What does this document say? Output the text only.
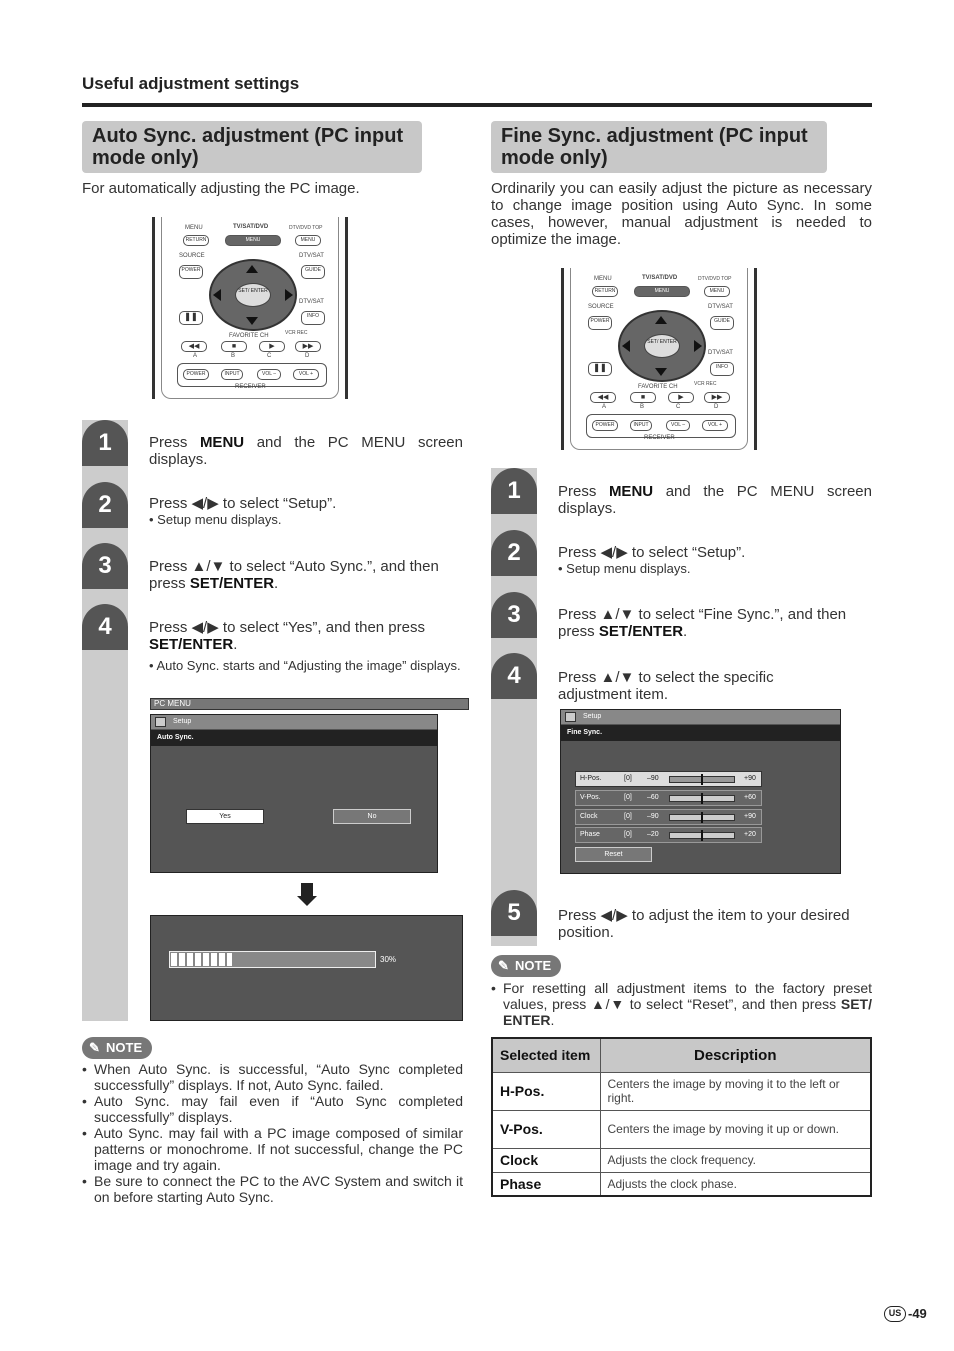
Useful adjustment settings
Auto Sync. adjustment (PC input mode only)
For automatically adjusting the PC image.
MENU	TV/SAT/DVD	DTV/DVD TOP
RETURN	MENU	MENU
SOURCE	DTV/SAT
POWER	GUIDE
SET/ ENTER
DTV/SAT
❚❚	INFO
FAVORITE CH	VCR REC
◀◀	■	▶	▶▶
A	B	C	D
POWER	INPUT	VOL –	VOL +
RECEIVER
1	Press MENU and the PC MENU screen displays.
2	Press ◀/▶ to select “Setup”.
• Setup menu displays.
3	Press ▲/▼ to select “Auto Sync.”, and then press SET/ENTER.
4	Press ◀/▶ to select “Yes”, and then press SET/ENTER.
• Auto Sync. starts and “Adjusting the image” displays.
PC MENU
Setup
Auto Sync.
Yes	No
30%
✎ NOTE
• When Auto Sync. is successful, “Auto Sync completed successfully” displays. If not, Auto Sync. failed.
• Auto Sync. may fail even if “Auto Sync completed successfully” displays.
• Auto Sync. may fail with a PC image composed of similar patterns or monochrome. If not successful, change the PC image and try again.
• Be sure to connect the PC to the AVC System and switch it on before starting Auto Sync.
Fine Sync. adjustment (PC input mode only)
Ordinarily you can easily adjust the picture as necessary to change image position using Auto Sync. In some cases, however, manual adjustment is needed to optimize the image.
MENU	TV/SAT/DVD	DTV/DVD TOP
RETURN	MENU	MENU
SOURCE	DTV/SAT
POWER	GUIDE
SET/ ENTER
DTV/SAT
❚❚	INFO
FAVORITE CH	VCR REC
◀◀	■	▶	▶▶
A	B	C	D
POWER	INPUT	VOL –	VOL +
RECEIVER
1	Press MENU and the PC MENU screen displays.
2	Press ◀/▶ to select “Setup”.
• Setup menu displays.
3	Press ▲/▼ to select “Fine Sync.”, and then press SET/ENTER.
4	Press ▲/▼ to select the specific adjustment item.
Setup
Fine Sync.
H-Pos.	[0] –90	+90
V-Pos.	[0] –60	+60
Clock	[0] –90	+90
Phase	[0] –20	+20
Reset
5	Press ◀/▶ to adjust the item to your desired position.
✎ NOTE
• For resetting all adjustment items to the factory preset values, press ▲/▼ to select “Reset”, and then press SET/ ENTER.
Selected item	Description
H-Pos.	Centers the image by moving it to the left or right.
V-Pos.	Centers the image by moving it up or down.
Clock	Adjusts the clock frequency.
Phase	Adjusts the clock phase.
US -49
